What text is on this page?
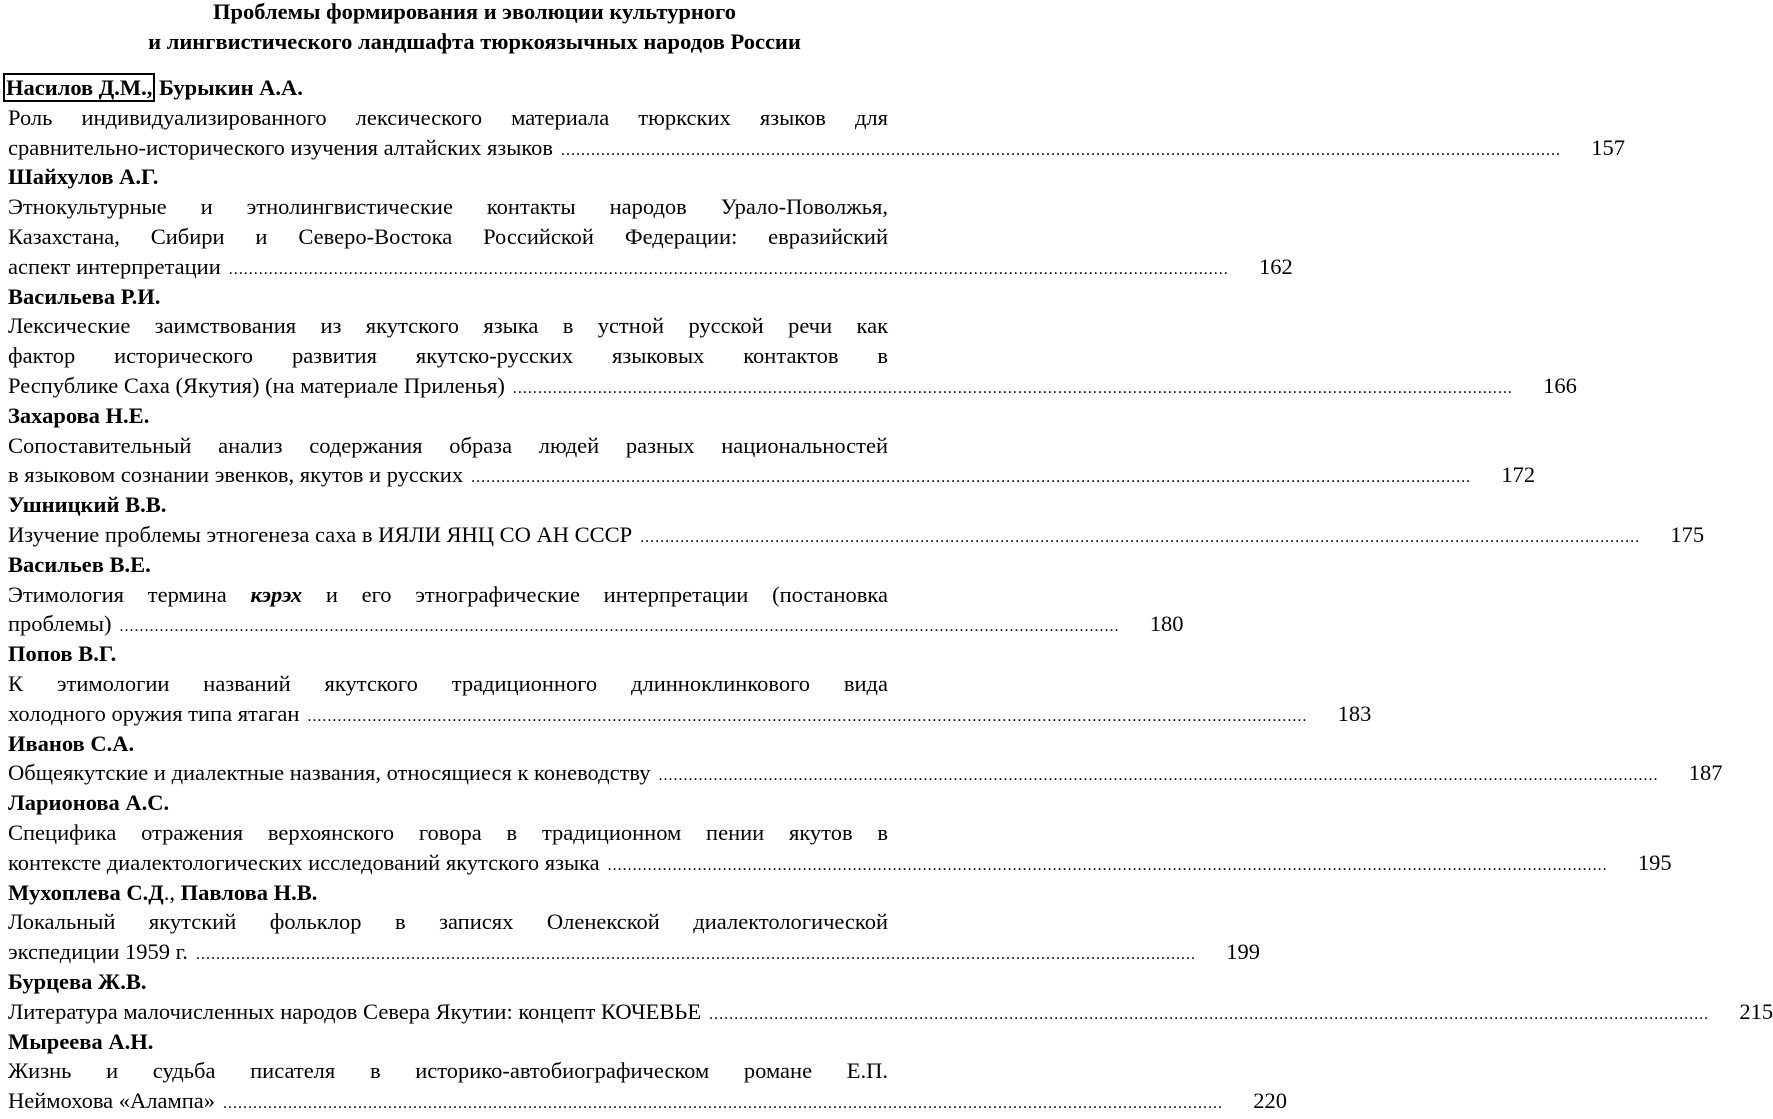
Проблемы формирования и эволюции культурного
и лингвистического ландшафта тюркоязычных народов России
Насилов Д.М., Бурыкин А.А.
Роль индивидуализированного лексического материала тюркских языков для
сравнительно-исторического изучения алтайских языков ........................................................................................................................................................................................................ 157
Шайхулов А.Г.
Этнокультурные и этнолингвистические контакты народов Урало-Поволжья,
Казахстана, Сибири и Северо-Востока Российской Федерации: евразийский
аспект интерпретации ........................................................................................................................................................................................................ 162
Васильева Р.И.
Лексические заимствования из якутского языка в устной русской речи как
фактор исторического развития якутско-русских языковых контактов в
Республике Саха (Якутия) (на материале Приленья) ........................................................................................................................................................................................................ 166
Захарова Н.Е.
Сопоставительный анализ содержания образа людей разных национальностей
в языковом сознании эвенков, якутов и русских ........................................................................................................................................................................................................ 172
Ушницкий В.В.
Изучение проблемы этногенеза саха в ИЯЛИ ЯНЦ СО АН СССР ........................................................................................................................................................................................................ 175
Васильев В.Е.
Этимология термина кэрэх и его этнографические интерпретации (постановка
проблемы) ........................................................................................................................................................................................................ 180
Попов В.Г.
К этимологии названий якутского традиционного длинноклинкового вида
холодного оружия типа ятаган ........................................................................................................................................................................................................ 183
Иванов С.А.
Общеякутские и диалектные названия, относящиеся к коневодству ........................................................................................................................................................................................................ 187
Ларионова А.С.
Специфика отражения верхоянского говора в традиционном пении якутов в
контексте диалектологических исследований якутского языка ........................................................................................................................................................................................................ 195
Мухоплева С.Д., Павлова Н.В.
Локальный якутский фольклор в записях Оленекской диалектологической
экспедиции 1959 г. ........................................................................................................................................................................................................ 199
Бурцева Ж.В.
Литература малочисленных народов Севера Якутии: концепт КОЧЕВЬЕ ........................................................................................................................................................................................................ 215
Мыреева А.Н.
Жизнь и судьба писателя в историко-автобиографическом романе Е.П.
Неймохова «Алампа» ........................................................................................................................................................................................................ 220
